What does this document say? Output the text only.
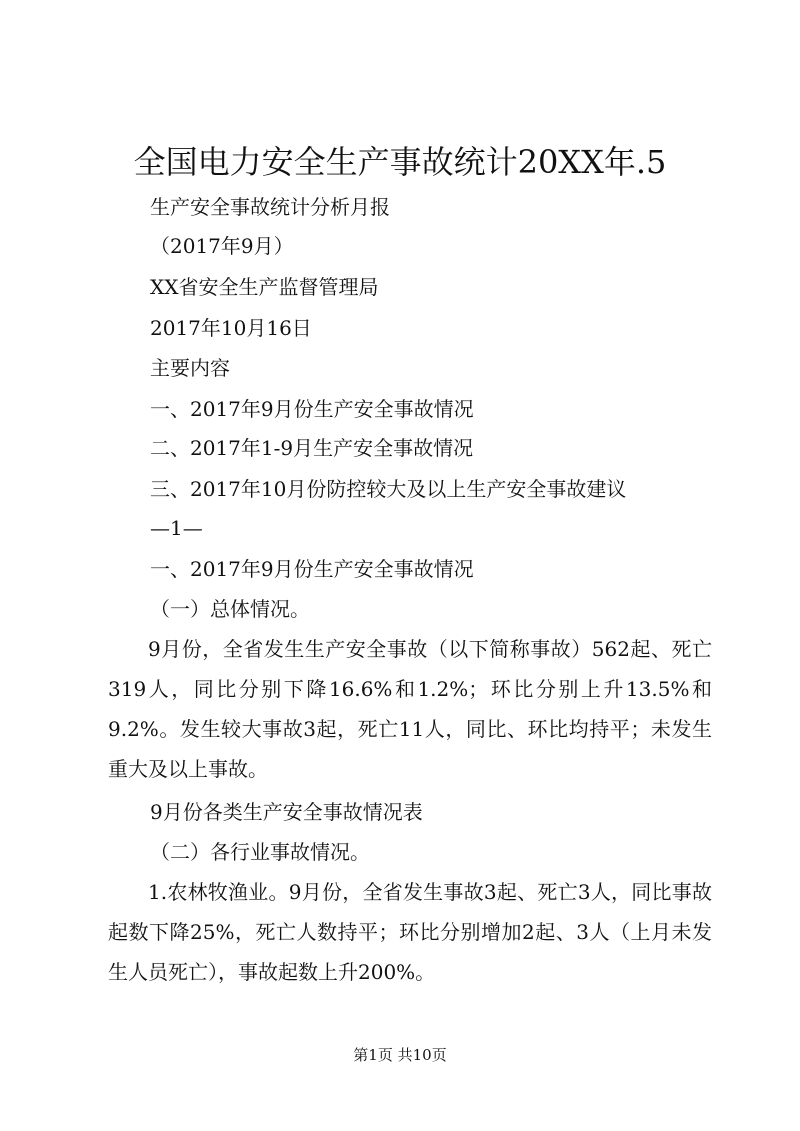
全国电力安全生产事故统计20XX年.5
生产安全事故统计分析月报
（2017年9月）
XX省安全生产监督管理局
2017年10月16日
主要内容
一、2017年9月份生产安全事故情况
二、2017年1-9月生产安全事故情况
三、2017年10月份防控较大及以上生产安全事故建议
—1—
一、2017年9月份生产安全事故情况
（一）总体情况。
9月份，全省发生生产安全事故（以下简称事故）562起、死亡319人，同比分别下降16.6%和1.2%；环比分别上升13.5%和9.2%。发生较大事故3起，死亡11人，同比、环比均持平；未发生重大及以上事故。
9月份各类生产安全事故情况表
（二）各行业事故情况。
1.农林牧渔业。9月份，全省发生事故3起、死亡3人，同比事故起数下降25%，死亡人数持平；环比分别增加2起、3人（上月未发生人员死亡），事故起数上升200%。
第1页 共10页
